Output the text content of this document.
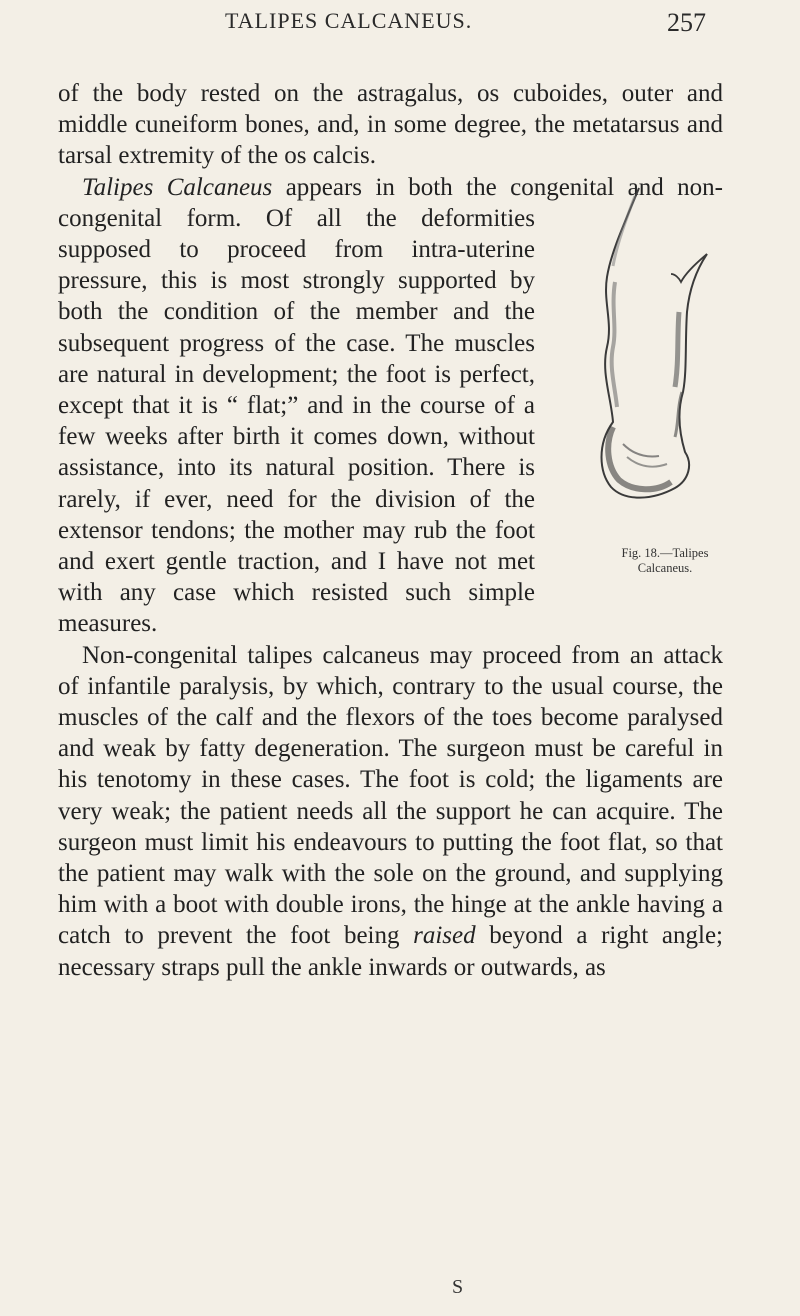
TALIPES CALCANEUS.	257

of the body rested on the astragalus, os cuboides, outer and middle cuneiform bones, and, in some degree, the metatarsus and tarsal extremity of the os calcis.

Talipes Calcaneus
Fig. 18.—Talipes
Calcaneus.
appears in both the congenital and non-congenital form. Of all the deformities supposed to proceed from intra-uterine pressure, this is most strongly supported by both the condition of the member and the subsequent progress of the case. The muscles are natural in development; the foot is perfect, except that it is “ flat;” and in the course of a few weeks after birth it comes down, without assistance, into its natural position. There is rarely, if ever, need for the division of the extensor tendons; the mother may rub the foot and exert gentle traction, and I have not met with any case which resisted such simple measures.

Non-congenital talipes calcaneus may proceed from an attack of infantile paralysis, by which, contrary to the usual course, the muscles of the calf and the flexors of the toes become paralysed and weak by fatty degeneration. The surgeon must be careful in his tenotomy in these cases. The foot is cold; the ligaments are very weak; the patient needs all the support he can acquire. The surgeon must limit his endeavours to putting the foot flat, so that the patient may walk with the sole on the ground, and supplying him with a boot with double irons, the hinge at the ankle having a catch to prevent the foot being raised beyond a right angle; necessary straps pull the ankle inwards or outwards, as

S
